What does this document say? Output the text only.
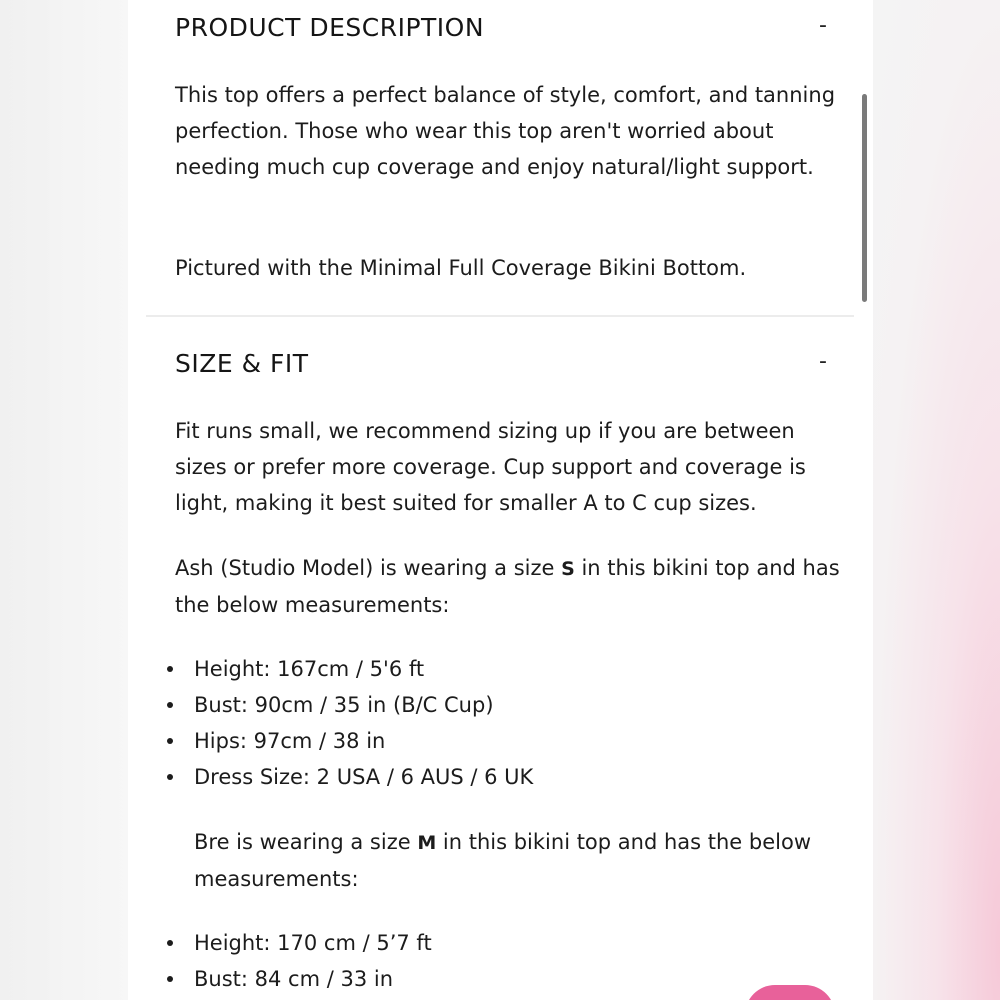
PRODUCT DESCRIPTION	-

This top offers a perfect balance of style, comfort, and tanning perfection. Those who wear this top aren't worried about needing much cup coverage and enjoy natural/light support.

Pictured with the Minimal Full Coverage Bikini Bottom.

SIZE & FIT	-

Fit runs small, we recommend sizing up if you are between sizes or prefer more coverage. Cup support and coverage is light, making it best suited for smaller A to C cup sizes.

Ash (Studio Model) is wearing a size S in this bikini top and has the below measurements:

Height: 167cm / 5'6 ft
Bust: 90cm / 35 in (B/C Cup)
Hips: 97cm / 38 in
Dress Size: 2 USA / 6 AUS / 6 UK

Bre is wearing a size M in this bikini top and has the below measurements:

Height: 170 cm / 5’7 ft
Bust: 84 cm / 33 in
